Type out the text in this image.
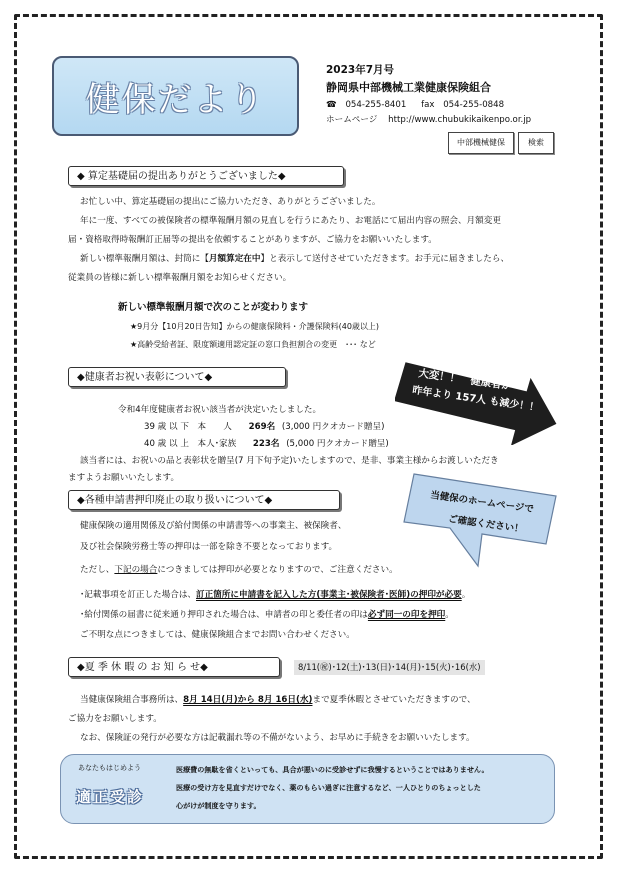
健保だより
2023年7月号
静岡県中部機械工業健康保険組合
☎ 054-255-8401 fax 054-255-0848
ホームページ http://www.chubukikaikenpo.or.jp
中部機械健保	検索
◆ 算定基礎届の提出ありがとうございました◆
お忙しい中、算定基礎届の提出にご協力いただき、ありがとうございました。
年に一度、すべての被保険者の標準報酬月額の見直しを行うにあたり、お電話にて届出内容の照会、月額変更
届・資格取得時報酬訂正届等の提出を依頼することがありますが、ご協力をお願いいたします。
新しい標準報酬月額は、封筒に【月額算定在中】と表示して送付させていただきます。お手元に届きましたら、
従業員の皆様に新しい標準報酬月額をお知らせください。
新しい標準報酬月額で次のことが変わります
★9月分【10月20日告知】からの健康保険料・介護保険料(40歳以上)
★高齢受給者証、限度額適用認定証の窓口負担割合の変更　･･･ など
◆健康者お祝い表彰について◆
令和4年度健康者お祝い該当者が決定いたしました。
39 歳 以 下　本　　人 269名 (3,000 円クオカード贈呈)
40 歳 以 上　本人･家族 223名 (5,000 円クオカード贈呈)
該当者には、お祝いの品と表彰状を贈呈(7 月下旬予定)いたしますので、是非、事業主様からお渡しいただき
ますようお願いいたします。
大変！！　健康者が
昨年より 157人 も減少！！
◆各種申請書押印廃止の取り扱いについて◆
健康保険の適用関係及び給付関係の申請書等への事業主、被保険者、
及び社会保険労務士等の押印は一部を除き不要となっております。
ただし、下記の場合につきましては押印が必要となりますので、ご注意ください。
･記載事項を訂正した場合は、訂正箇所に申請書を記入した方(事業主･被保険者･医師)の押印が必要。
･給付関係の届書に従来通り押印された場合は、申請者の印と委任者の印は必ず同一の印を押印。
ご不明な点につきましては、健康保険組合までお問い合わせください。
当健保のホームページで
ご確認ください！
◆夏 季 休 暇 の お 知 ら せ◆	8/11(㊗)･12(土)･13(日)･14(月)･15(火)･16(水)
当健康保険組合事務所は、8月 14日(月)から 8月 16日(水)まで夏季休暇とさせていただきますので、
ご協力をお願いします。
なお、保険証の発行が必要な方は記載漏れ等の不備がないよう、お早めに手続きをお願いいたします。
あなたもはじめよう
適正受診
医療費の無駄を省くといっても、具合が悪いのに受診せずに我慢するということではありません。
医療の受け方を見直すだけでなく、薬のもらい過ぎに注意するなど、一人ひとりのちょっとした
心がけが制度を守ります。
